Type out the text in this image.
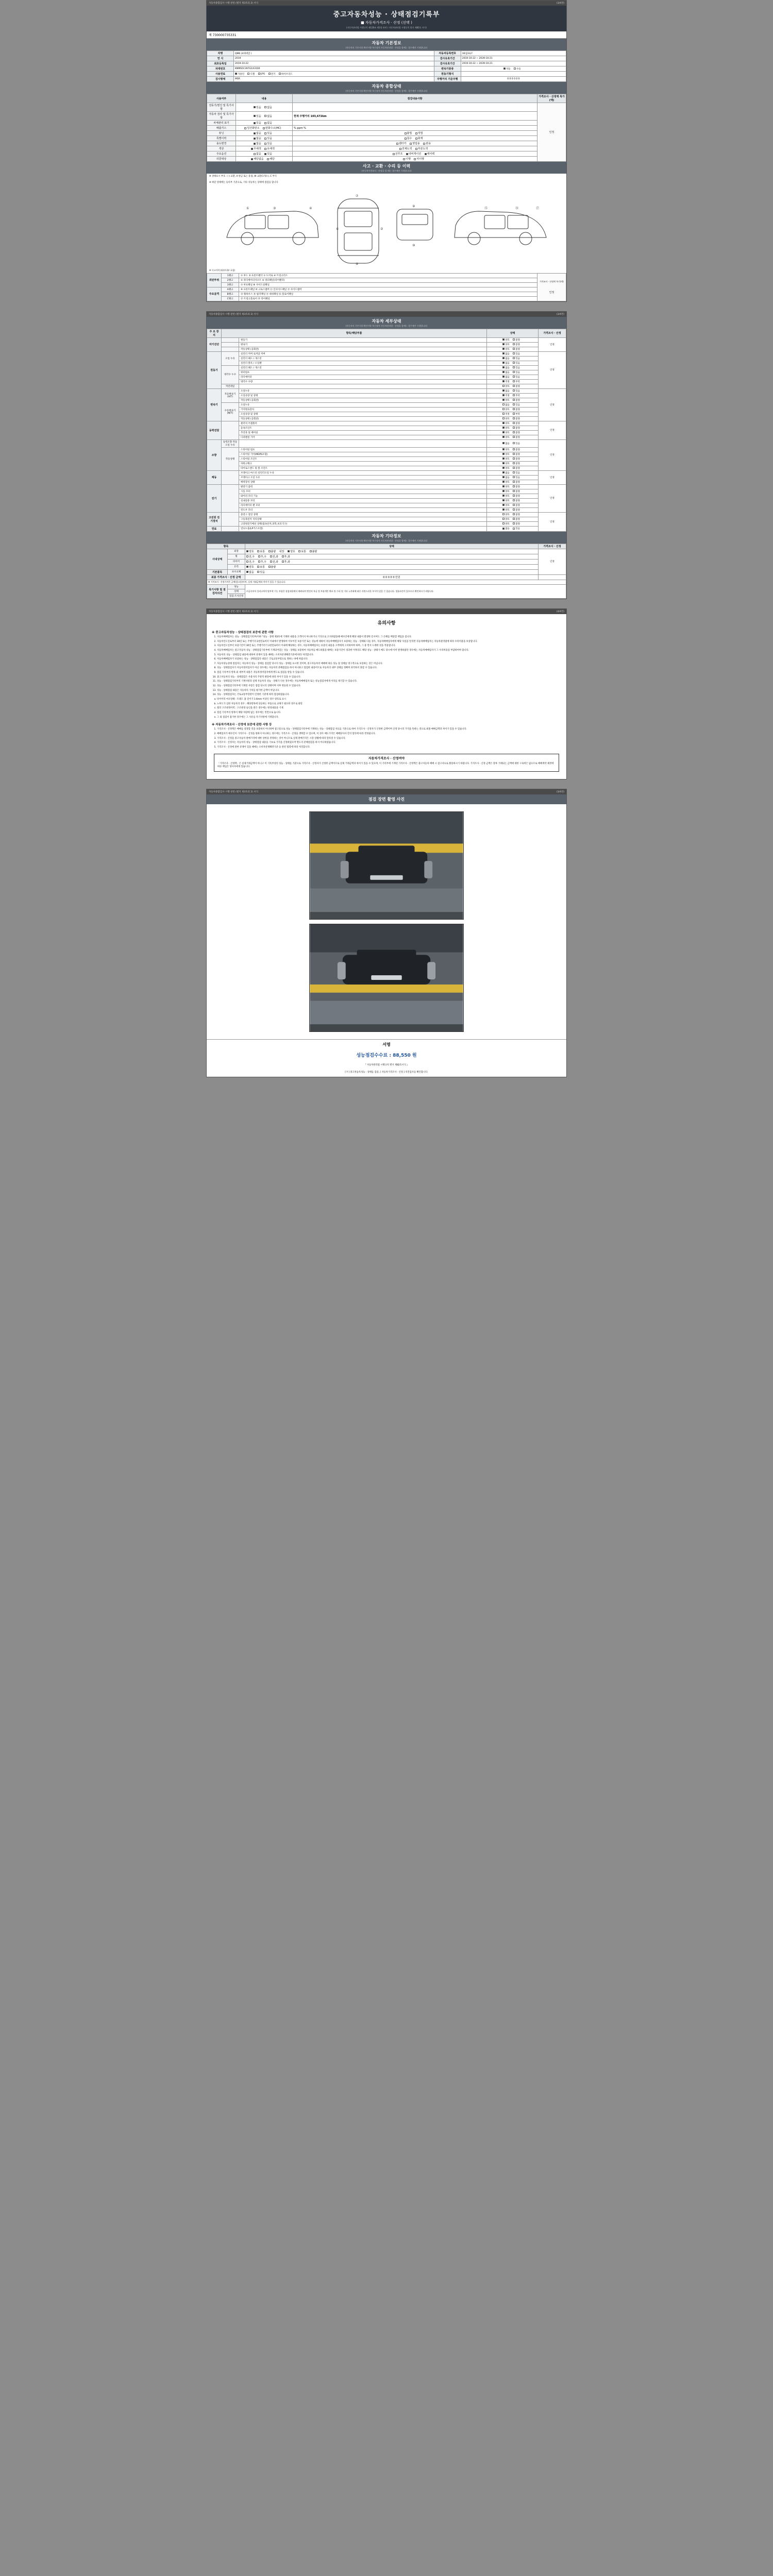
자동차종합검사 시행 관련 (별지 제3호의 2) 서식	(3/4면)
중고자동차성능 · 상태점검기록부
■ 자동차가격조사 · 산정 (선택 )
(자동차관리법 시행규칙 제120조 제1항 관련 / 자동차관리법 시행규칙 별지 제82호 서식)
제 730000735331
자동차 기본정보
(자동차의 기본사항 확인사항 특수장치 자동차관리법 - 산정을 함께는 경우에만 기재합니다)
차명	QM6 (4세대급 )	자동차등록번호	30십3로7
연 식	2019	검사유효기간	2019-10-22 ~ 2039-10-21
최초등록일	2019-10-22	검사유효기간	2019-10-22 ~ 2039-10-21
차대번호	KNMS5C397G1X3100	변속기종류	자동 수동
사용연료	가솔린 디젤 LPG 전기 하이브리드	원동기형식	
검사형태	MSR	주행거리 기준주행	0 0 0 0 0 0
자동차 종합상태
(자동차의 기본사항 확인사항 특수장치 자동차관리법 - 산정을 함께는 경우에만 기재합니다)
사용여부	내용	점검내용사항	가격조사 · 산정액 특가(액)
전동기/엔진 및 특기사항	있음 없음		인정
자동차 검사 및 특기사항	있음 없음	현재 주행거리 103,672km	
차체관리 표기	있음 없음		
배출가스	일산화탄소 탄화수소(HC)	% ppm %	
튜닝	없음 있음	불법 적법	
특별이력	없음 있음	침수 화재	
용도변경	없음 있음	렌터카 영업용 관용	
색상	무채색 유채색	전체도색 부분도색	
주요옵션	없음 있음	선루프 내비게이션 에어백	
리콜대상	해당없음 해당	이행 미이행	
사고 · 교환 · 수리 등 이력
(자동차가격조사 · 산정을 할 때는 경우에만 기재합니다)
※ 상태표시 부호 : ( ) 교환, X 판금 또는 용접, W 교환(1개소), C 부식
※ 하단 상태에는 등록부 기준으로, 기타 자동차는 상태에 점검을 합니다
①	③	④
⑦
⑧
⑥	②
⑨
⑩
⑮	⑯	⑰
※ 사고이력 (외부/내부 포함)
외판부위	1랭크	① 후드 ② 프론트팬더 ① 도어로 ④ 트렁크리드	가격조사 · 산정액 특기(액)
인정

	2랭크	⑤ 라디에이터서포트 ⑥ 쿼터패널(리어팬더)	
	3랭크	⑦ 루프패널 ⑧ 사이드실패널	
주요골격	A랭크	⑨ 프론트패널 ⑩ 크로스멤버 ⑪ 인사이드패널 ⑫ 사이드멤버	
	B랭크	⑬ 휠하우스 ⑭ 필러패널 ⑮ 대쉬패널 ⑯ 플로어패널	
	C랭크	⑰ 트렁크플로어 ⑱ 리어패널	
자동차종합검사 시행 관련 (별지 제3호의 2) 서식	(3/4면)
자동차 세부상태
(자동차의 기본사항 확인사항 특수장치 자동차관리법 - 산정을 함께는 경우에만 기재합니다)
주 요 장 치	항목/해당부품		상태	가격조사 · 산정
자기진단		원동기	양호 불량	인정
		변속기	양호 불량	
		작동상태 (공회전)	양호 불량	
원동기	오일 누유	실린더 커버 로커암 커버	없음 있음	인정
		실린더 헤드 / 개스킷	없음 있음	
		실린더 블록 / 오일팬	없음 있음	
	냉각수 누수	실린더 헤드 / 개스킷	없음 있음	
		워터펌프	없음 있음	
		라디에이터	없음 있음	
		냉각수 수량	적정 부족	
	커먼레일		양호 불량	
변속기	자동변속기 (A/T)	오일누유	없음 있음	인정
		오일유량 및 상태	적정 부족	
		작동상태 (공회전)	양호 불량	
	수동변속기 (M/T)	오일누유	없음 있음	
		기어변속장치	양호 불량	
		오일유량 및 상태	적정 부족	
		작동상태 (공회전)	양호 불량	
동력전달		클러치 어셈블리	양호 불량	인정
		등속조인트	양호 불량	
		추진축 및 베어링	양호 불량	
		디퍼렌셜 기어	양호 불량	
조향	동력조향 작동 오일 누유		없음 있음	인정
	작동상태	스티어링 펌프	양호 불량	
		스티어링 기어(MDPS포함)	양호 불량	
		스티어링 조인트	양호 불량	
		파워크랭크	양호 불량	
		타이로드엔드 및 볼 조인트	양호 불량	
제동		브레이크 마스터 실린더오일 누유	없음 있음	인정
		브레이크 오일 누유	없음 있음	
		배력장치 상태	양호 불량	
전기		발전기 출력	양호 불량	인정
		시동 모터	양호 불량	
		와이퍼 모터 기능	양호 불량	
		실내송풍 모터	양호 불량	
		라디에이터 팬 모터	양호 불량	
		윈도우 모터	양호 불량	
고전원 전기장치		충전구 절연 상태	양호 불량	인정
		구동축전지 격리상태	양호 불량	
		고전원전기배선 상태(접속단자,피복,보호기구)	양호 불량	
연료		연료누출(LP가스포함)	없음 있음	
자동차 기타정보
(자동차의 기본사항 확인사항 특수장치 자동차관리법 - 산정을 함께는 경우에만 기재합니다)
항목		상태	가격조사 · 산정
사내상태	외장	양호 보통 불량 내장 양호 보통 불량	인정
	휠	전,우 후,우 전,좌 후,좌	
	타이어	전,우 후,우 전,좌 후,좌	
	유리	양호 보통 불량	
기본품목	보수교체	없음 있음	
최종 가격조사 · 산정 금액		0 0 0 0 0 만원	
※ 가격조사 · 산정가격은 금액(참고용)이며, 실제 거래금액과 차이가 있을 수 있습니다.			
특기사항 및 점검자의견	성능	비금속부터 플라스틱의 탈부착 기능 부품은 점검내용에서 제외되며 엔진의 특급 및 부품개인 완료 및 수리 및 기타 노후화에 따른 자연스러운 부식이 있을 수 있습니다. 정품파손이 있으므로 확인하시기 바랍니다.	
	상태		
	점검·조사산정		
자동차종합검사 시행 관련 (별지 제3호의 2) 서식	(4/4면)
유의사항
※ 중고자동차성능 · 상태점검의 보증에 관한 사항
1. 자동차매매업자는 성능 · 상태점검기록부(이하 "성능 · 상태 제3호에 기재한 내용을 고객이지 아니하거나 거짓으로 고지하였을때 매수인에게 해당 내용이 발생한 문서여도 그 손해를 배상할 책임을 집니다.
2. 자동차인도일로부터 30일 또는 주행거리 2천킬로미터 이내에서 발생하여 이루어진 보증기간 또는 성능에 대하여 자동차매매업자가 보증하는 성능 · 상태와 다를 경우, 자동차매매업자에게 해당 사실을 알리면 자동차매매업자는 자동차관리법에 따라 수리비용을 보상합니다.
3. 자동차인도일부터 보증기간이 30일 또는 주행거리가 2천킬로미터 이내에 해당하는 경우, 자동차매매업자는 보증의 내용을 고객에게 고지하여야 하며, 그 중 먼저 도래한 것을 적용합니다.
4. 자동차매매업자는 중고자동차 성능 · 상태점검기록부에 기재되어있는 성능 · 상태를 보증하여 자동차를 매도하였을 때에는 보증기간이 경과한 이후라도 해당 성능 · 상태가 매도 당시에 이미 발생하였던 경우에는 자동차매매업자가 그 수리비용을 부담하여야 합니다.
5. 자동차의 성능 · 상태점검 내용에 대하여 분쟁이 있을 때에는 소비자분쟁해결기준에 따라 처리합니다.
6. 자동차매매업자가 보증하는 성능 · 상태점검의 내용은 국토교통부령으로 정하는 바에 따릅니다.
7. 자동차성능상태 점검자는 자동차의 성능 · 상태를 점검할 당시의 성능 · 상태를 표시한 것이며, 중고자동차의 매매에 따른 성능 및 상태를 영구적으로 보증하는 것은 아닙니다.
8. 성능 · 상태점검자가 자동차정비업자가 아닌 경우에는 자동차의 분해점검을 하지 아니하고 점검한 내용이므로 자동차의 내부 상태를 정확히 파악하지 못할 수 있습니다.
9. 점검 기록부의 항목 외 세부적 내용은 자동차정비업자에게 별도로 점검을 받을 수 있습니다.
10. 중고자동차의 성능 · 상태점검은 사용자의 주관적 판단에 따라 차이가 있을 수 있습니다.
11. 성능 · 상태점검기록부의 기재사항과 실제 자동차의 성능 · 상태가 다른 경우에는 자동차매매업자 또는 성능점검자에게 이의를 제기할 수 있습니다.
12. 성능 · 상태점검기록부에 기재된 사항은 점검 당시의 상태이며 이후 변동될 수 있습니다.
13. 성능 · 상태점검 내용은 자동차의 가치를 평가한 금액이 아닙니다.
14. 성능 · 상태점검자는 국토교통부장관이 인정한 기준에 따라 점검하였습니다.
a. 타이어의 마모상태 : 트레드 홈 깊이가 1.6mm 이상인 경우 양호로 표시
b. 노후도가 심한 자동차의 경우 : 해당항목에 상응하는 부품으로 교체가 필요한 경우로 판단
c. 휠의 구조변경이력 : 구조변경 승인을 받은 경우에는 변경내용을 기재
d. 점검 기록부의 항목이 해당 차량에 없는 경우에는 빈칸으로 둡니다.
e. 그 외 점검이 불가한 경우에는 그 사유를 특기사항에 기재합니다.
※ 자동차가격조사 · 산정에 보증에 관한 사항 등
1. 가격조사 · 산정액은 매매를 설정할 것을 보증하지 아니하며 참고용으로 성능 · 상태점검기록부에 기재하는 성능 · 상태점검 자료를 기준으로 하여 가격조사 · 산정자가 산정한 금액이며 산정 당시의 가격을 뜻하는 것으로 최종 매매금액과 차이가 있을 수 있습니다.
2. 매매업자가 매수인이 가격조사 · 산정을 원하지 아니하는 경우에는 가격조사 · 산정을 생략할 수 있으며, 이 경우 매도가격은 매매당사자 간의 합의에 따라 결정됩니다.
3. 가격조사 · 산정을 중고자동차 판매가격에 대한 상한을 결정하는 것이 아니므로 실제 판매가격은 시장 상황에 따라 달라질 수 있습니다.
4. 가격조사 · 산정자는 자동차의 성능 · 상태점검 내용을 기초로 가격을 산정하였으며 별도의 분해점검을 하지 아니하였습니다.
5. 가격조사 · 산정에 관한 분쟁이 있을 때에는 소비자분쟁해결기준 등 관련 법령에 따라 처리합니다.
자동차가격조사 · 산정여야
「가격조사 · 산정액」은 실제거래금액이 아니고 이 기록부상의 성능 · 상태를 기준으로 가격조사 · 산정자가 산정한 금액이므로 실제 거래금액과 차이가 있을 수 있으며, 이 기록부에 기재된 가격조사 · 산정액은 중고자동차 매매 시 참고자료로 활용하시기 바랍니다. 가격조사 · 산정 금액은 향후 거래되는 금액에 대한 구속력은 없으므로 매매계약 체결에 따른 책임은 당사자에게 있습니다.
자동차종합검사 시행 관련 (별지 제3호의 2) 서식	(3/4면)
점검 장면 촬영 사진
서명
성능점검수수료 : 88,550 원
『 자동차관리법 시행규칙 별지 제82호서식 』
[ Y ] 중고차등록성능 · 상태를 검증, [ 자동차가격조사 · 산정 ] 의견검사를 확인합니다.
